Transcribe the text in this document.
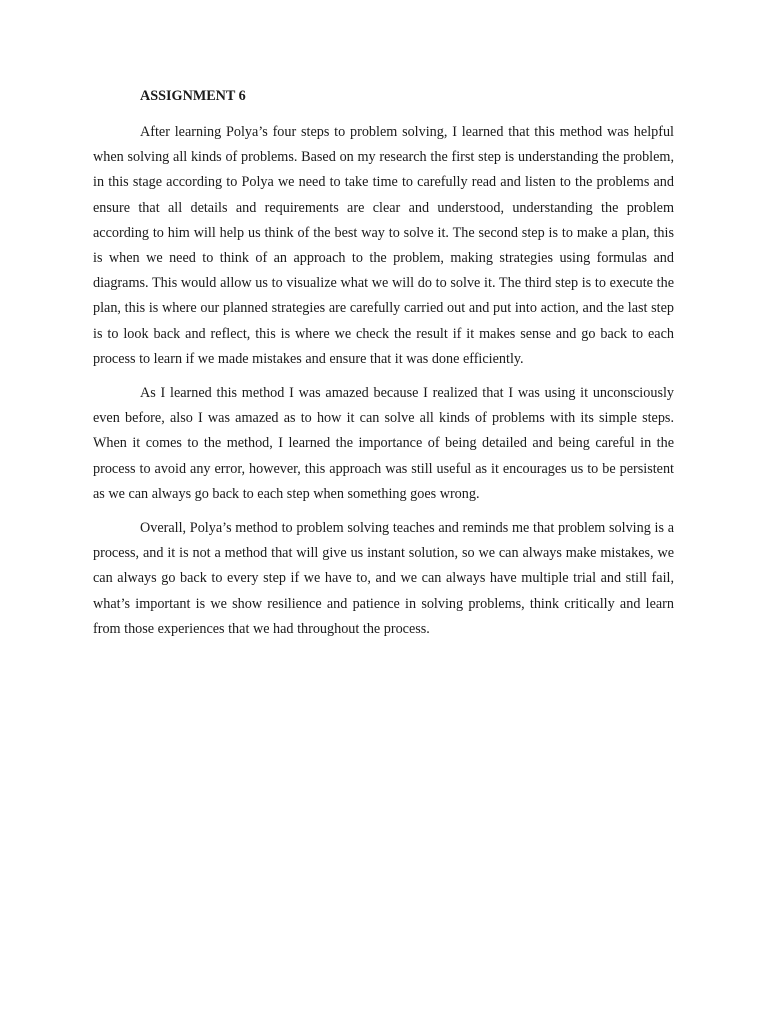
ASSIGNMENT 6

After learning Polya’s four steps to problem solving, I learned that this method was helpful when solving all kinds of problems. Based on my research the first step is understanding the problem, in this stage according to Polya we need to take time to carefully read and listen to the problems and ensure that all details and requirements are clear and understood, understanding the problem according to him will help us think of the best way to solve it. The second step is to make a plan, this is when we need to think of an approach to the problem, making strategies using formulas and diagrams. This would allow us to visualize what we will do to solve it. The third step is to execute the plan, this is where our planned strategies are carefully carried out and put into action, and the last step is to look back and reflect, this is where we check the result if it makes sense and go back to each process to learn if we made mistakes and ensure that it was done efficiently.

As I learned this method I was amazed because I realized that I was using it unconsciously even before, also I was amazed as to how it can solve all kinds of problems with its simple steps. When it comes to the method, I learned the importance of being detailed and being careful in the process to avoid any error, however, this approach was still useful as it encourages us to be persistent as we can always go back to each step when something goes wrong.

Overall, Polya’s method to problem solving teaches and reminds me that problem solving is a process, and it is not a method that will give us instant solution, so we can always make mistakes, we can always go back to every step if we have to, and we can always have multiple trial and still fail, what’s important is we show resilience and patience in solving problems, think critically and learn from those experiences that we had throughout the process.
